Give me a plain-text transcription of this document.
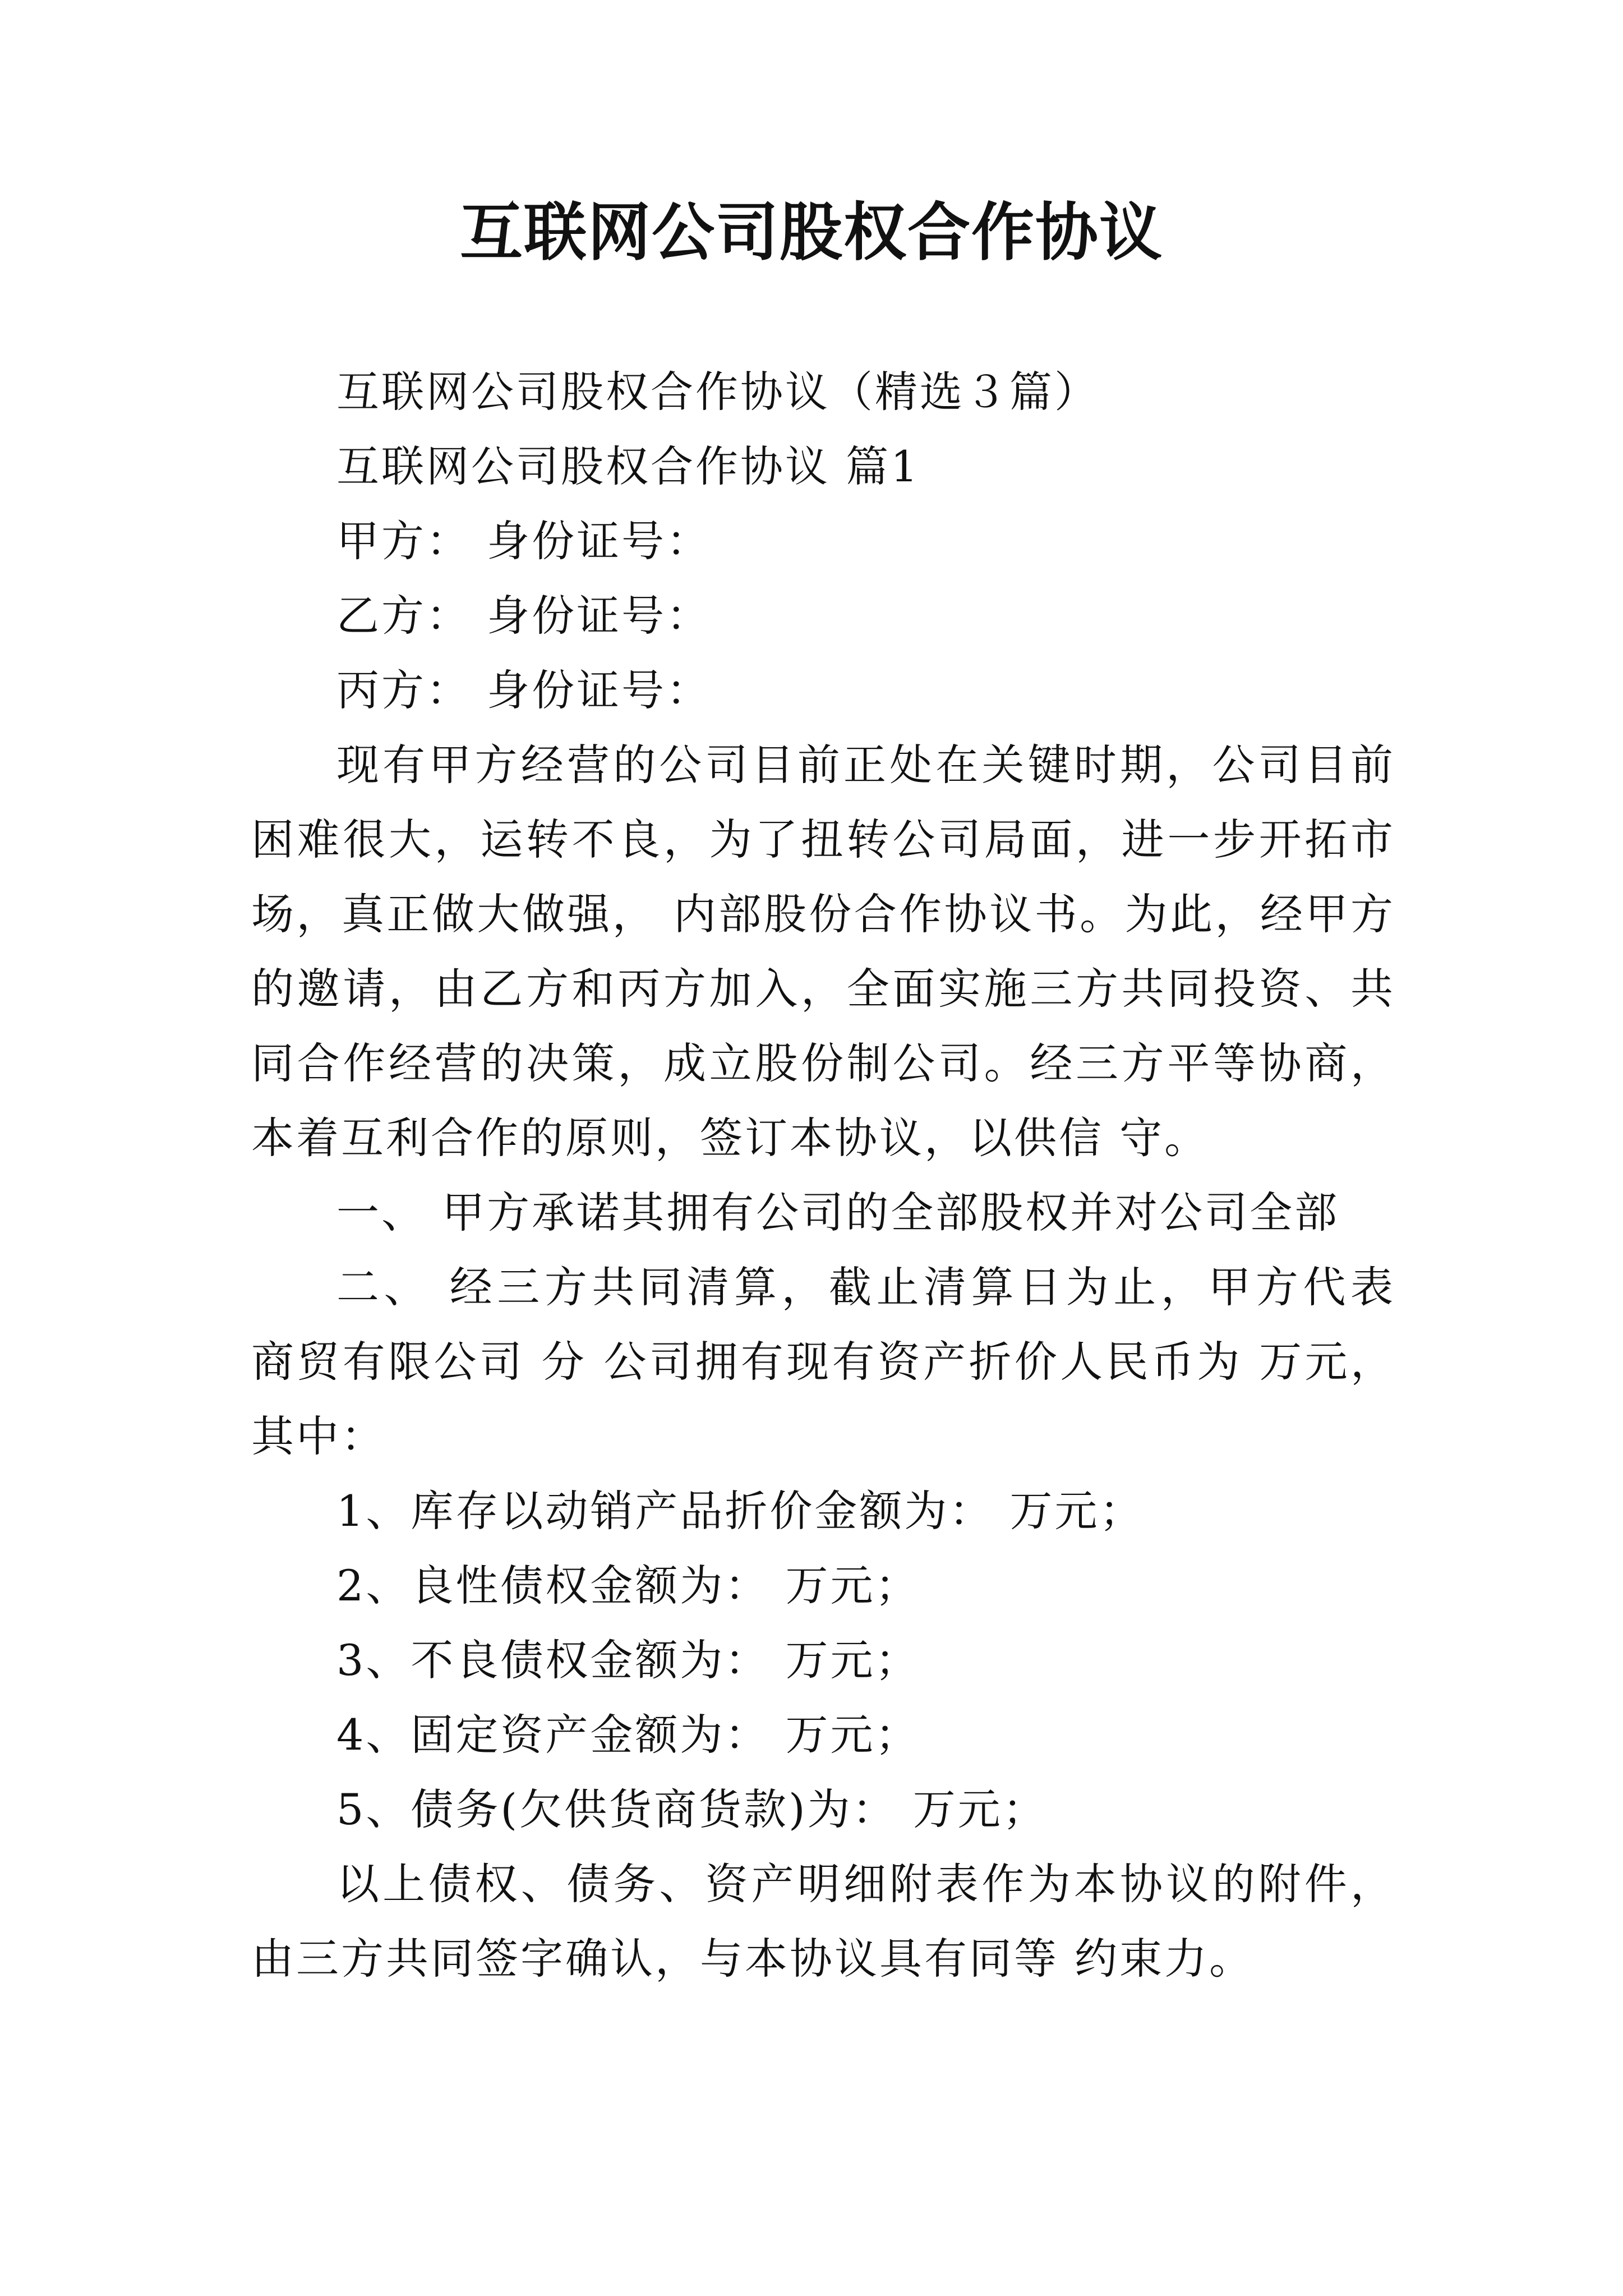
互联网公司股权合作协议

互联网公司股权合作协议（精选３篇）

互联网公司股权合作协议 篇1

甲方： 身份证号：

乙方： 身份证号：

丙方： 身份证号：

现有甲方经营的公司目前正处在关键时期，公司目前困难很大，运转不良，为了扭转公司局面，进一步开拓市场，真正做大做强， 内部股份合作协议书。为此，经甲方的邀请，由乙方和丙方加入，全面实施三方共同投资、共同合作经营的决策，成立股份制公司。经三方平等协商，本着互利合作的原则，签订本协议，以供信 守。

一、 甲方承诺其拥有公司的全部股权并对公司全部

二、 经三方共同清算，截止清算日为止，甲方代表 商贸有限公司 分 公司拥有现有资产折价人民币为 万元，其中：

1、库存以动销产品折价金额为： 万元；

2、良性债权金额为： 万元；

3、不良债权金额为： 万元；

4、固定资产金额为： 万元；

5、债务(欠供货商货款)为： 万元；

以上债权、债务、资产明细附表作为本协议的附件，由三方共同签字确认，与本协议具有同等 约束力。
